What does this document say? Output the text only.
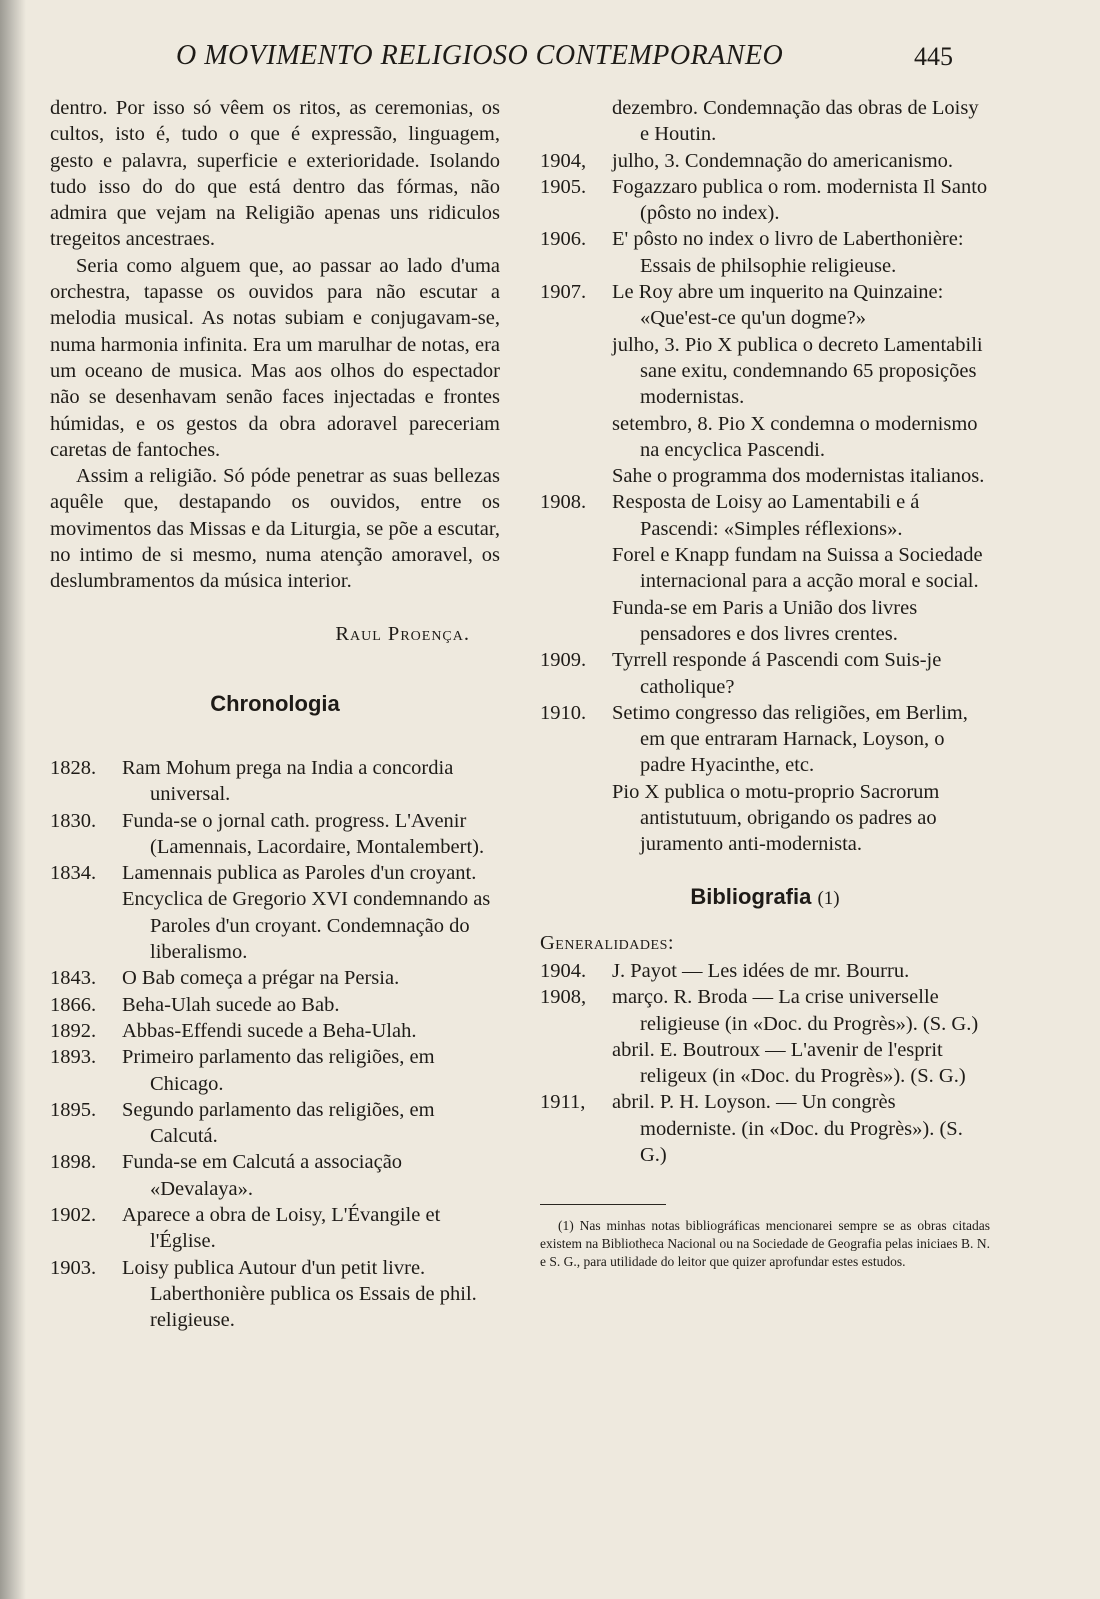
O MOVIMENTO RELIGIOSO CONTEMPORANEO	445

dentro. Por isso só vêem os ritos, as ceremonias, os cultos, isto é, tudo o que é expressão, linguagem, gesto e palavra, superficie e exterioridade. Isolando tudo isso do do que está dentro das fórmas, não admira que vejam na Religião apenas uns ridiculos tregeitos ancestraes.

Seria como alguem que, ao passar ao lado d'uma orchestra, tapasse os ouvidos para não escutar a melodia musical. As notas subiam e conjugavam-se, numa harmonia infinita. Era um marulhar de notas, era um oceano de musica. Mas aos olhos do espectador não se desenhavam senão faces injectadas e frontes húmidas, e os gestos da obra adoravel pareceriam caretas de fantoches.

Assim a religião. Só póde penetrar as suas bellezas aquêle que, destapando os ouvidos, entre os movimentos das Missas e da Liturgia, se põe a escutar, no intimo de si mesmo, numa atenção amoravel, os deslumbramentos da música interior.

Raul Proença.
Chronologia
1828.	Ram Mohum prega na India a concordia universal.
1830.	Funda-se o jornal cath. progress. L'Avenir (Lamennais, Lacordaire, Montalembert).
1834.	Lamennais publica as Paroles d'un croyant.
Encyclica de Gregorio XVI condemnando as Paroles d'un croyant. Condemnação do liberalismo.
1843.	O Bab começa a prégar na Persia.
1866.	Beha-Ulah sucede ao Bab.
1892.	Abbas-Effendi sucede a Beha-Ulah.
1893.	Primeiro parlamento das religiões, em Chicago.
1895.	Segundo parlamento das religiões, em Calcutá.
1898.	Funda-se em Calcutá a associação «Devalaya».
1902.	Aparece a obra de Loisy, L'Évangile et l'Église.
1903.	Loisy publica Autour d'un petit livre. Laberthonière publica os Essais de phil. religieuse.
dezembro. Condemnação das obras de Loisy e Houtin.
1904,	julho, 3. Condemnação do americanismo.
1905.	Fogazzaro publica o rom. modernista Il Santo (pôsto no index).
1906.	E' pôsto no index o livro de Laberthonière: Essais de philsophie religieuse.
1907.	Le Roy abre um inquerito na Quinzaine: «Que'est-ce qu'un dogme?»
julho, 3. Pio X publica o decreto Lamentabili sane exitu, condemnando 65 proposições modernistas.
setembro, 8. Pio X condemna o modernismo na encyclica Pascendi.
Sahe o programma dos modernistas italianos.
1908.	Resposta de Loisy ao Lamentabili e á Pascendi: «Simples réflexions».
Forel e Knapp fundam na Suissa a Sociedade internacional para a acção moral e social.
Funda-se em Paris a União dos livres pensadores e dos livres crentes.
1909.	Tyrrell responde á Pascendi com Suis-je catholique?
1910.	Setimo congresso das religiões, em Berlim, em que entraram Harnack, Loyson, o padre Hyacinthe, etc.
Pio X publica o motu-proprio Sacrorum antistutuum, obrigando os padres ao juramento anti-modernista.
Bibliografia (1)
Generalidades:
1904.	J. Payot — Les idées de mr. Bourru.
1908,	março. R. Broda — La crise universelle religieuse (in «Doc. du Progrès»). (S. G.)
abril. E. Boutroux — L'avenir de l'esprit religeux (in «Doc. du Progrès»). (S. G.)
1911,	abril. P. H. Loyson. — Un congrès moderniste. (in «Doc. du Progrès»). (S. G.)
(1) Nas minhas notas bibliográficas mencionarei sempre se as obras citadas existem na Bibliotheca Nacional ou na Sociedade de Geografia pelas iniciaes B. N. e S. G., para utilidade do leitor que quizer aprofundar estes estudos.
